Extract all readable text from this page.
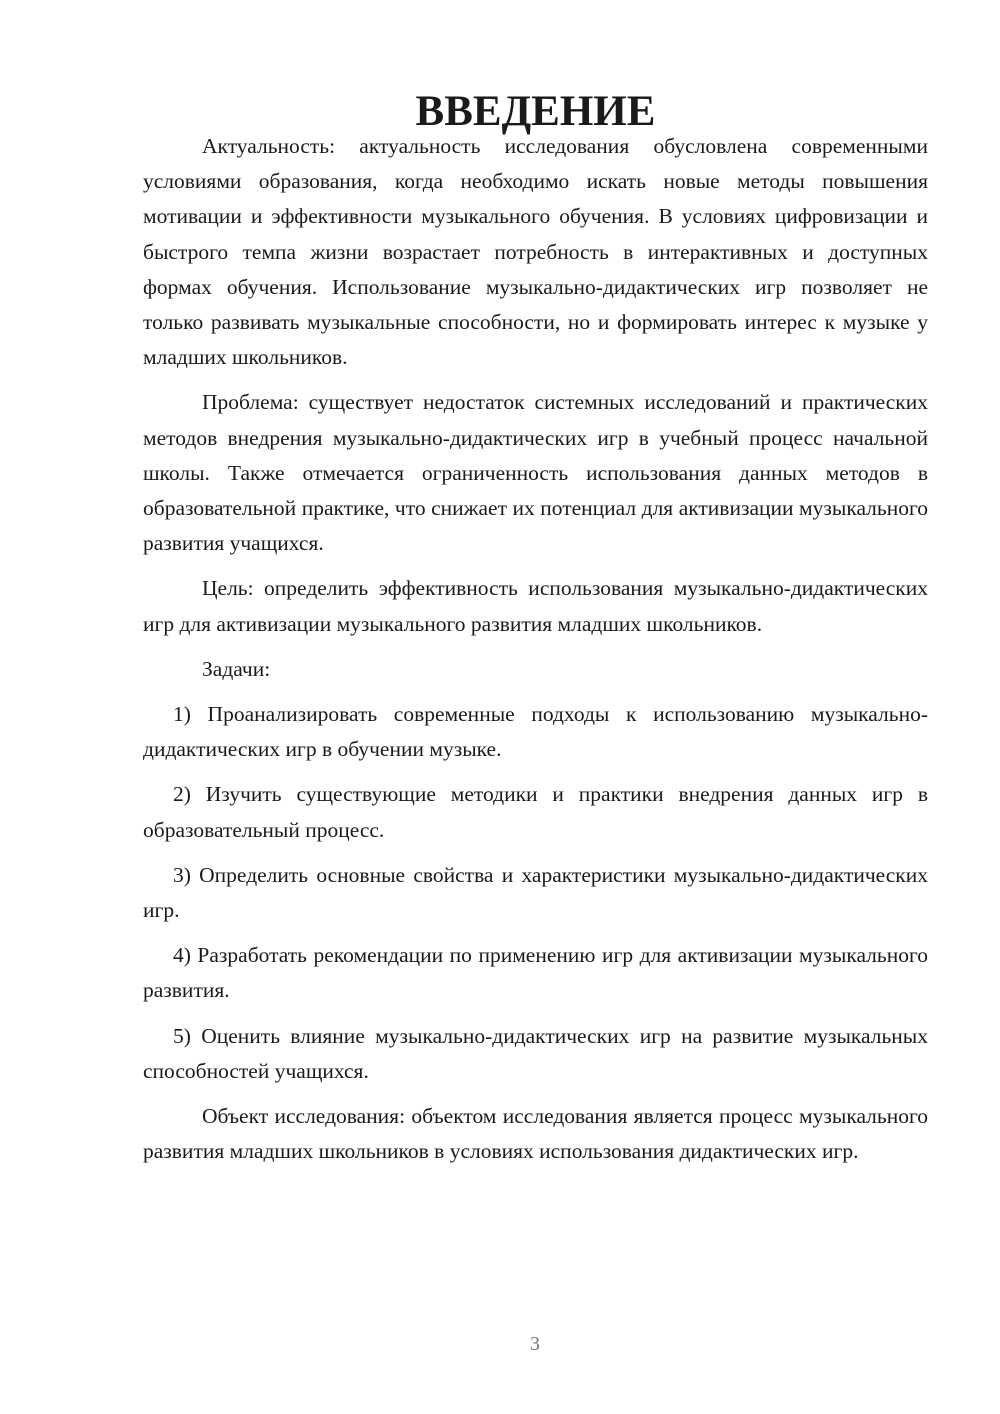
ВВЕДЕНИЕ

Актуальность: актуальность исследования обусловлена современными условиями образования, когда необходимо искать новые методы повышения мотивации и эффективности музыкального обучения. В условиях цифровизации и быстрого темпа жизни возрастает потребность в интерактивных и доступных формах обучения. Использование музыкально-дидактических игр позволяет не только развивать музыкальные способности, но и формировать интерес к музыке у младших школьников.

Проблема: существует недостаток системных исследований и практических методов внедрения музыкально-дидактических игр в учебный процесс начальной школы. Также отмечается ограниченность использования данных методов в образовательной практике, что снижает их потенциал для активизации музыкального развития учащихся.

Цель: определить эффективность использования музыкально-дидактических игр для активизации музыкального развития младших школьников.

Задачи:

1) Проанализировать современные подходы к использованию музыкально-дидактических игр в обучении музыке.

2) Изучить существующие методики и практики внедрения данных игр в образовательный процесс.

3) Определить основные свойства и характеристики музыкально-дидактических игр.

4) Разработать рекомендации по применению игр для активизации музыкального развития.

5) Оценить влияние музыкально-дидактических игр на развитие музыкальных способностей учащихся.

Объект исследования: объектом исследования является процесс музыкального развития младших школьников в условиях использования дидактических игр.

3
